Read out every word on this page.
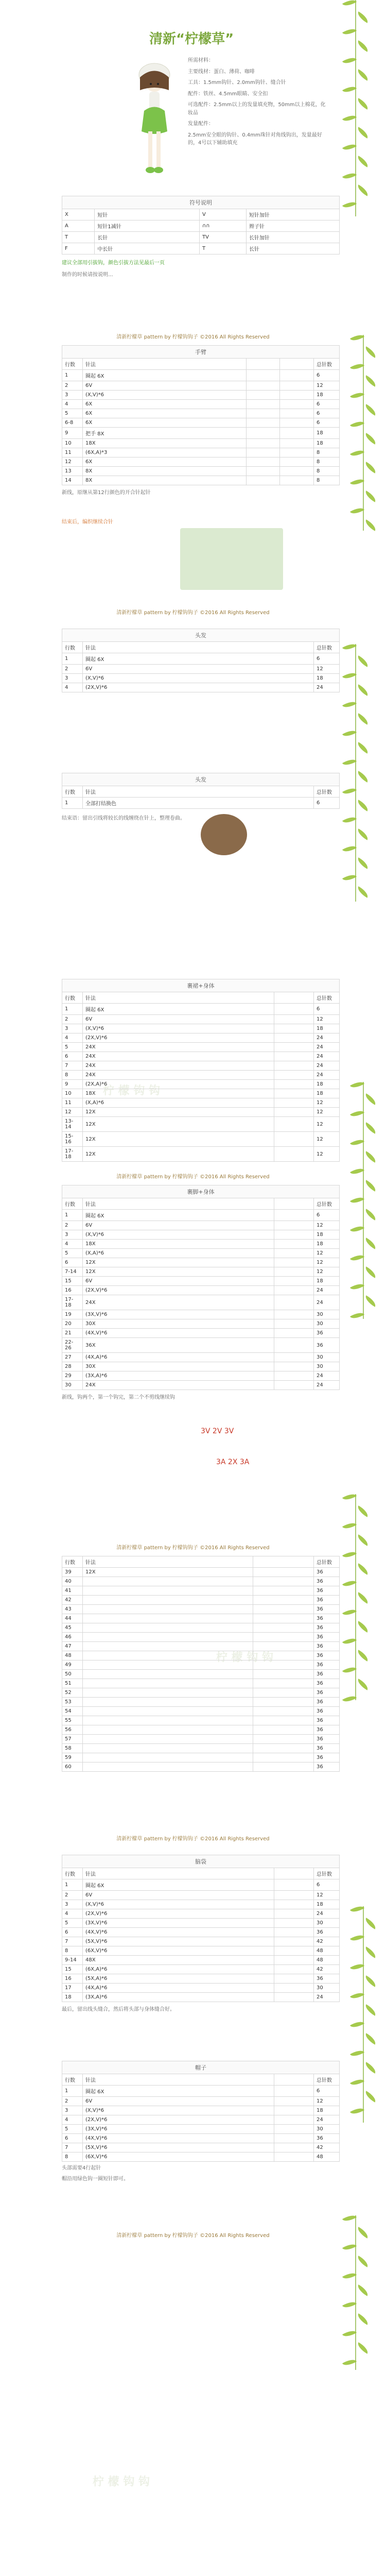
柠 檬 钩 钩
柠 檬 钩 钩
柠 檬 钩 钩
清新“柠檬草”

所需材料：

主要线材：蛋白、薄荷、咖啡

工具：1.5mm钩针、2.0mm钩针、缝合针

配件：铁丝、4.5mm眼睛、安全扣

可选配件：2.5mm以上的发量填充物，50mm以上棉花，化妆品

发量配件：

2.5mm安全眼的钩针、0.4mm珠针对角线钩出，发量最好的，4号以下辅助填充

符号说明
X	短针	V	短针加针
A	短针1减针	∩∩	辫子针
T	长针	TV	长针加针
F	中长针	T	长针

建议全部用引拔钩，颜色引拔方法见最后一页

制作的时候请按说明...

清新柠檬草 pattern by 柠檬钩钩子 ©2016 All Rights Reserved
手臂
行数	针法			总针数
1	圈起 6X			6
2	6V			12
3	(X,V)*6			18
4	6X			6
5	6X			6
6-8	6X			6
9	把手 8X			18
10	18X			18
11	(6X,A)*3			8
12	6X			8
13	8X			8
14	8X			8

新线，原继从第12行颜色的开合针起针

结束后，编织继续合针

清新柠檬草 pattern by 柠檬钩钩子 ©2016 All Rights Reserved
头发
行数	针法	总针数
1	圈起 6X	6
2	6V	12
3	(X,V)*6	18
4	(2X,V)*6	24
头发
行数	针法	总针数
1	全部打结换色	6

结束语：留出引线将较长的线缠绕在针上，整理卷曲。

裹裙+身体
行数	针法		总针数
1	圈起 6X		6
2	6V		12
3	(X,V)*6		18
4	(2X,V)*6		24
5	24X		24
6	24X		24
7	24X		24
8	24X		24
9	(2X,A)*6		18
10	18X		18
11	(X,A)*6		12
12	12X		12
13-14	12X		12
15-16	12X		12
17-18	12X		12
清新柠檬草 pattern by 柠檬钩钩子 ©2016 All Rights Reserved
裹脚+身体
行数	针法		总针数
1	圈起 6X		6
2	6V		12
3	(X,V)*6		18
4	18X		18
5	(X,A)*6		12
6	12X		12
7-14	12X		12
15	6V		18
16	(2X,V)*6		24
17-18	24X		24
19	(3X,V)*6		30
20	30X		30
21	(4X,V)*6		36
22-26	36X		36
27	(4X,A)*6		30
28	30X		30
29	(3X,A)*6		24
30	24X		24

新线，钩两个，第一个钩完，第二个不剪线继续钩

3V 2V 3V
3A 2X 3A
清新柠檬草 pattern by 柠檬钩钩子 ©2016 All Rights Reserved
行数	针法		总针数
39	12X		36
40			36
41			36
42			36
43			36
44			36
45			36
46			36
47			36
48			36
49			36
50			36
51			36
52			36
53			36
54			36
55			36
56			36
57			36
58			36
59			36
60			36
清新柠檬草 pattern by 柠檬钩钩子 ©2016 All Rights Reserved
脑袋
行数	针法		总针数
1	圈起 6X		6
2	6V		12
3	(X,V)*6		18
4	(2X,V)*6		24
5	(3X,V)*6		30
6	(4X,V)*6		36
7	(5X,V)*6		42
8	(6X,V)*6		48
9-14	48X		48
15	(6X,A)*6		42
16	(5X,A)*6		36
17	(4X,A)*6		30
18	(3X,A)*6		24

最后，留出线头缝合，然后将头部与身体缝合好。

帽子
行数	针法		总针数
1	圈起 6X		6
2	6V		12
3	(X,V)*6		18
4	(2X,V)*6		24
5	(3X,V)*6		30
6	(4X,V)*6		36
7	(5X,V)*6		42
8	(6X,V)*6		48

头部需要4行起针

帽沿用绿色钩一圈短针即可。

清新柠檬草 pattern by 柠檬钩钩子 ©2016 All Rights Reserved
